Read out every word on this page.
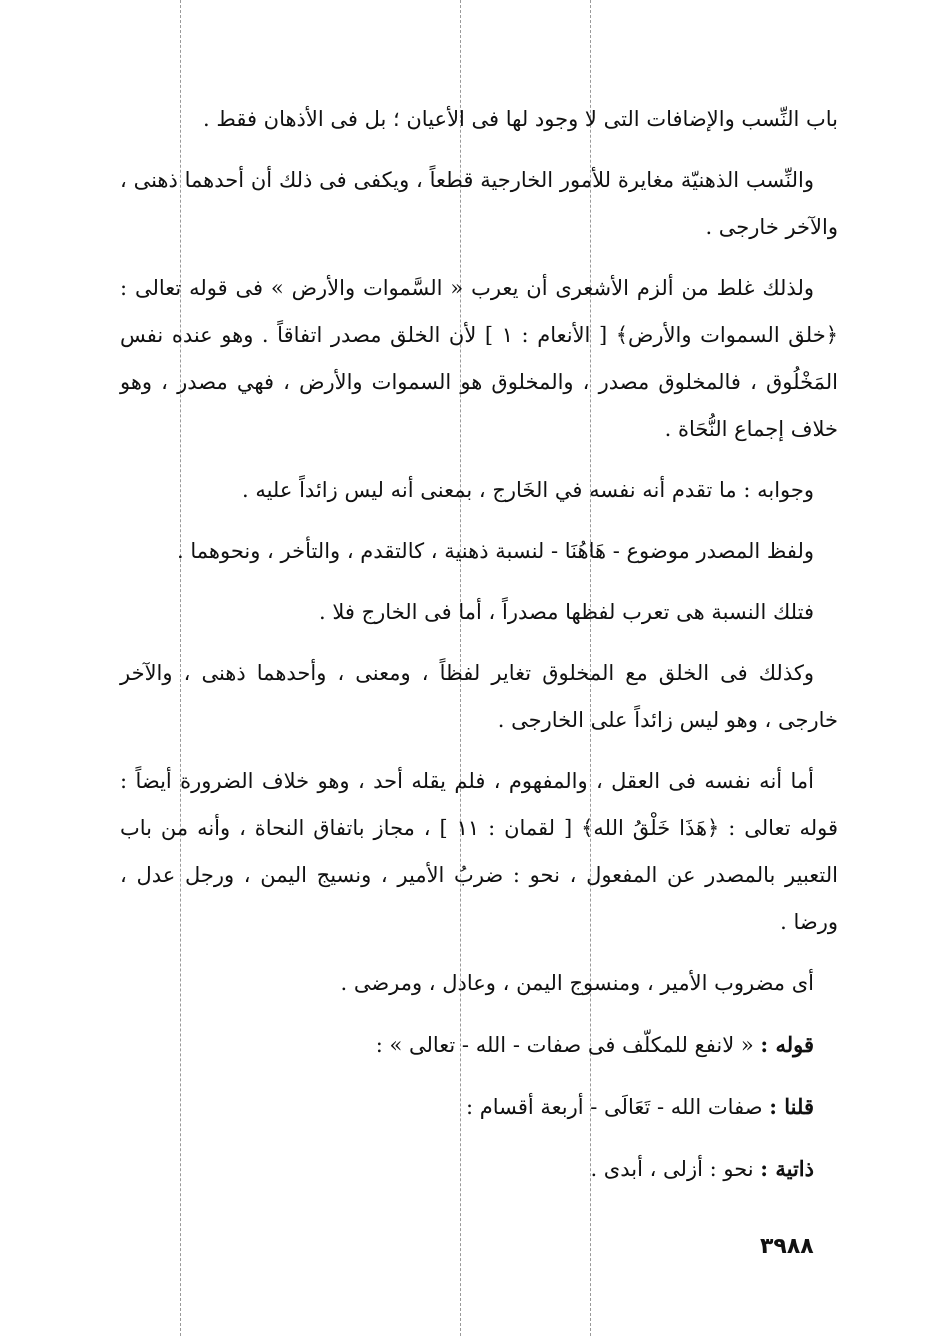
باب النِّسب والإضافات التى لا وجود لها فى الأعيان ؛ بل فى الأذهان فقط .

والنِّسب الذهنيّة مغايرة للأمور الخارجية قطعاً ، ويكفى فى ذلك أن أحدهما ذهنى ، والآخر خارجى .

ولذلك غلط من ألزم الأشعرى أن يعرب « السَّموات والأرض » فى قوله تعالى : ﴿خلق السموات والأرض﴾ [ الأنعام : ١ ] لأن الخلق مصدر اتفاقاً . وهو عنده نفس المَخْلُوق ، فالمخلوق مصدر ، والمخلوق هو السموات والأرض ، فهي مصدر ، وهو خلاف إجماع النُّحَاة .

وجوابه : ما تقدم أنه نفسه في الخَارج ، بمعنى أنه ليس زائداً عليه .

ولفظ المصدر موضوع - هَاهُنَا - لنسبة ذهنية ، كالتقدم ، والتأخر ، ونحوهما .

فتلك النسبة هى تعرب لفظها مصدراً ، أما فى الخارج فلا .

وكذلك فى الخلق مع المخلوق تغاير لفظاً ، ومعنى ، وأحدهما ذهنى ، والآخر خارجى ، وهو ليس زائداً على الخارجى .

أما أنه نفسه فى العقل ، والمفهوم ، فلم يقله أحد ، وهو خلاف الضرورة أيضاً : قوله تعالى : ﴿هَذَا خَلْقُ الله﴾ [ لقمان : ١١ ] ، مجاز باتفاق النحاة ، وأنه من باب التعبير بالمصدر عن المفعول ، نحو : ضربُ الأمير ، ونسيج اليمن ، ورجل عدل ، ورضا .

أى مضروب الأمير ، ومنسوج اليمن ، وعادل ، ومرضى .

قوله : « لانفع للمكلّف فى صفات - الله - تعالى » :

قلنا : صفات الله - تَعَالَى - أربعة أقسام :

ذاتية : نحو : أزلى ، أبدى .

٣٩٨٨
